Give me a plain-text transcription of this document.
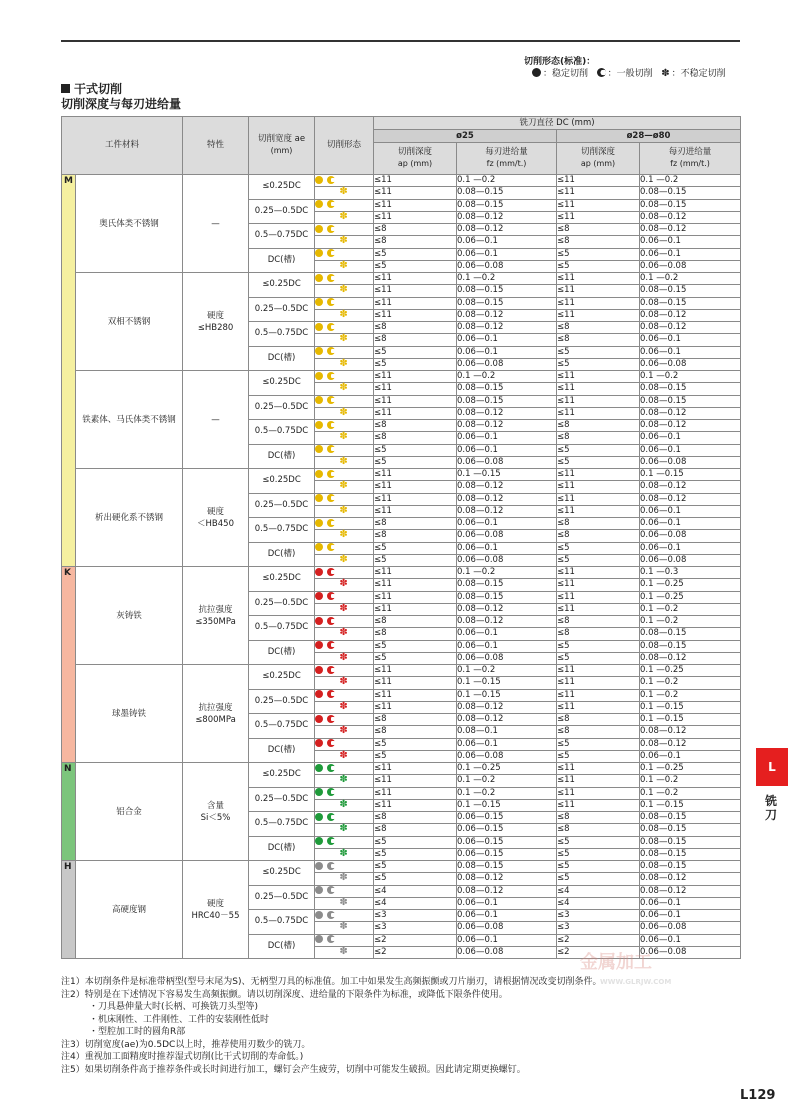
切削形态(标准)：
：稳定切削 ：一般切削 ✽ ：不稳定切削
干式切削
切削深度与每刃进给量
工件材料		特性	切削宽度 ae
(mm)	切削形态	铣刀直径 DC (mm)			
					ø25		ø28—ø80	
					切削深度
ap (mm)	每刃进给量
fz (mm/t.)	切削深度
ap (mm)	每刃进给量
fz (mm/t.)

M	奥氏体类不锈钢	—	≤0.25DC		≤11	0.1 —0.2	≤11	0.1 —0.2
				✽	≤11	0.08—0.15	≤11	0.08—0.15
			0.25—0.5DC		≤11	0.08—0.15	≤11	0.08—0.15
				✽	≤11	0.08—0.12	≤11	0.08—0.12
			0.5—0.75DC		≤8	0.08—0.12	≤8	0.08—0.12
				✽	≤8	0.06—0.1	≤8	0.06—0.1
			DC(槽)		≤5	0.06—0.1	≤5	0.06—0.1
				✽	≤5	0.06—0.08	≤5	0.06—0.08
	双相不锈钢	硬度
≤HB280	≤0.25DC		≤11	0.1 —0.2	≤11	0.1 —0.2
				✽	≤11	0.08—0.15	≤11	0.08—0.15
			0.25—0.5DC		≤11	0.08—0.15	≤11	0.08—0.15
				✽	≤11	0.08—0.12	≤11	0.08—0.12
			0.5—0.75DC		≤8	0.08—0.12	≤8	0.08—0.12
				✽	≤8	0.06—0.1	≤8	0.06—0.1
			DC(槽)		≤5	0.06—0.1	≤5	0.06—0.1
				✽	≤5	0.06—0.08	≤5	0.06—0.08
	铁素体、马氏体类不锈钢	—	≤0.25DC		≤11	0.1 —0.2	≤11	0.1 —0.2
				✽	≤11	0.08—0.15	≤11	0.08—0.15
			0.25—0.5DC		≤11	0.08—0.15	≤11	0.08—0.15
				✽	≤11	0.08—0.12	≤11	0.08—0.12
			0.5—0.75DC		≤8	0.08—0.12	≤8	0.08—0.12
				✽	≤8	0.06—0.1	≤8	0.06—0.1
			DC(槽)		≤5	0.06—0.1	≤5	0.06—0.1
				✽	≤5	0.06—0.08	≤5	0.06—0.08
	析出硬化系不锈钢	硬度
＜HB450	≤0.25DC		≤11	0.1 —0.15	≤11	0.1 —0.15
				✽	≤11	0.08—0.12	≤11	0.08—0.12
			0.25—0.5DC		≤11	0.08—0.12	≤11	0.08—0.12
				✽	≤11	0.08—0.12	≤11	0.06—0.1
			0.5—0.75DC		≤8	0.06—0.1	≤8	0.06—0.1
				✽	≤8	0.06—0.08	≤8	0.06—0.08
			DC(槽)		≤5	0.06—0.1	≤5	0.06—0.1
				✽	≤5	0.06—0.08	≤5	0.06—0.08

K	灰铸铁	抗拉强度
≤350MPa	≤0.25DC		≤11	0.1 —0.2	≤11	0.1 —0.3
				✽	≤11	0.08—0.15	≤11	0.1 —0.25
			0.25—0.5DC		≤11	0.08—0.15	≤11	0.1 —0.25
				✽	≤11	0.08—0.12	≤11	0.1 —0.2
			0.5—0.75DC		≤8	0.08—0.12	≤8	0.1 —0.2
				✽	≤8	0.06—0.1	≤8	0.08—0.15
			DC(槽)		≤5	0.06—0.1	≤5	0.08—0.15
				✽	≤5	0.06—0.08	≤5	0.08—0.12
	球墨铸铁	抗拉强度
≤800MPa	≤0.25DC		≤11	0.1 —0.2	≤11	0.1 —0.25
				✽	≤11	0.1 —0.15	≤11	0.1 —0.2
			0.25—0.5DC		≤11	0.1 —0.15	≤11	0.1 —0.2
				✽	≤11	0.08—0.12	≤11	0.1 —0.15
			0.5—0.75DC		≤8	0.08—0.12	≤8	0.1 —0.15
				✽	≤8	0.08—0.1	≤8	0.08—0.12
			DC(槽)		≤5	0.06—0.1	≤5	0.08—0.12
				✽	≤5	0.06—0.08	≤5	0.06—0.1

N	铝合金	含量
Si＜5%	≤0.25DC		≤11	0.1 —0.25	≤11	0.1 —0.25
				✽	≤11	0.1 —0.2	≤11	0.1 —0.2
			0.25—0.5DC		≤11	0.1 —0.2	≤11	0.1 —0.2
				✽	≤11	0.1 —0.15	≤11	0.1 —0.15
			0.5—0.75DC		≤8	0.06—0.15	≤8	0.08—0.15
				✽	≤8	0.06—0.15	≤8	0.08—0.15
			DC(槽)		≤5	0.06—0.15	≤5	0.08—0.15
				✽	≤5	0.06—0.15	≤5	0.08—0.15

H	高硬度钢	硬度
HRC40－55	≤0.25DC		≤5	0.08—0.15	≤5	0.08—0.15
				✽	≤5	0.08—0.12	≤5	0.08—0.12
			0.25—0.5DC		≤4	0.08—0.12	≤4	0.08—0.12
				✽	≤4	0.06—0.1	≤4	0.06—0.1
			0.5—0.75DC		≤3	0.06—0.1	≤3	0.06—0.1
				✽	≤3	0.06—0.08	≤3	0.06—0.08
			DC(槽)		≤2	0.06—0.1	≤2	0.06—0.1
				✽	≤2	0.06—0.08	≤2	0.06—0.08
注1）本切削条件是标准带柄型(型号末尾为S)、无柄型刀具的标准值。加工中如果发生高频振颤或刀片崩刃，请根据情况改变切削条件。
注2）特别是在下述情况下容易发生高频振颤。请以切削深度、进给量的下限条件为标准，或降低下限条件使用。
・刀具悬伸量大时(长柄、可换铣刀头型等)
・机床刚性、工件刚性、工件的安装刚性低时
・型腔加工时的圆角R部
注3）切削宽度(ae)为0.5DC以上时，推荐使用刃数少的铣刀。
注4）重视加工面精度时推荐湿式切削(比干式切削的寿命低。)
注5）如果切削条件高于推荐条件或长时间进行加工，螺钉会产生疲劳，切削中可能发生破损。因此请定期更换螺钉。
金属加工
WWW.GLRJW.COM
L
铣刀
L129
